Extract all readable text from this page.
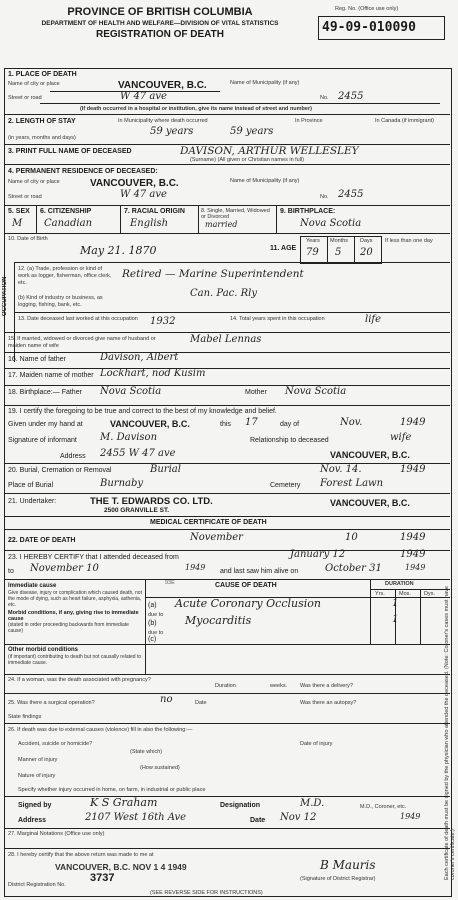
PROVINCE OF BRITISH COLUMBIA
DEPARTMENT OF HEALTH AND WELFARE—DIVISION OF VITAL STATISTICS
REGISTRATION OF DEATH
Reg. No. (Office use only)
49-09-010090
1. PLACE OF DEATH
Name of city or place	VANCOUVER, B.C.	Name of Municipality (if any)
Street or road	W 47 ave	No. 2455
(If death occurred in a hospital or institution, give its name instead of street and number)
2. LENGTH OF STAY
(in years, months and days)
In Municipality where death occurred	In Province	In Canada (if immigrant)
59 years	59 years
3. PRINT FULL NAME OF DECEASED	DAVISON, ARTHUR WELLESLEY
(Surname) (All given or Christian names in full)
4. PERMANENT RESIDENCE OF DECEASED:
Name of city or place	VANCOUVER, B.C.	Name of Municipality (if any)
Street or road	W 47 ave	No. 2455
5. SEX
M
6. CITIZENSHIP
Canadian
7. RACIAL ORIGIN
English
8. Single, Married, Widowed or Divorced
married
9. BIRTHPLACE:
Nova Scotia
10. Date of Birth
May 21. 1870	11. AGE
Years Months Days
79 5 20
If less than one day
OCCUPATION
12. (a) Trade, profession or kind of work as logger, fisherman, office clerk, etc.
Retired — Marine Superintendent
(b) Kind of industry or business, as logging, fishing, bank, etc.
Can. Pac. Rly
13. Date deceased last worked at this occupation 1932	14. Total years spent in this occupation	life
15. If married, widowed or divorced give name of husband or maiden name of wife
Mabel Lennas
16. Name of father	Davison, Albert
17. Maiden name of mother Lockhart, nod Kusim
18. Birthplace:— Father Nova Scotia	Mother Nova Scotia
19. I certify the foregoing to be true and correct to the best of my knowledge and belief.
Given under my hand at	VANCOUVER, B.C.	this 17	day of	Nov.	1949
Signature of informant M. Davison	Relationship to deceased	wife
Address 2455 W 47 ave	VANCOUVER, B.C.
20. Burial, Cremation or Removal	Burial	Nov. 14.	1949
Place of Burial	Burnaby	Cemetery Forest Lawn
21. Undertaker:	THE T. EDWARDS CO. LTD.
2500 GRANVILLE ST.
VANCOUVER, B.C.
MEDICAL CERTIFICATE OF DEATH
22. DATE OF DEATH	November	10	1949
23. I HEREBY CERTIFY that I attended deceased from	January 12	1949
to November 10	1949 and last saw him alive on	October 31	1949
CAUSE OF DEATH	DURATION
Yrs.	Mos. Dys.
93E
Immediate cause
Give disease, injury or complication which caused death, not the mode of dying, such as heart failure, asphyxia, asthenia, etc.
Morbid conditions, if any, giving rise to immediate cause
(stated in order proceeding backwards from immediate cause)
(a) Acute Coronary Occlusion	1
due to
(b)	Myocarditis	1
due to
(c)
Other morbid conditions
(if important) contributing to death but not causally related to immediate cause.
24. If a woman, was the death associated with pregnancy?
Duration	weeks. Was there a delivery?
25. Was there a surgical operation?	no	Date	Was there an autopsy?
State findings
26. If death was due to external causes (violence) fill in also the following:—
Accident, suicide or homicide?	Date of injury
(State which)
Manner of injury
(How sustained)
Nature of injury
Specify whether injury occurred in home, on farm, in industrial or public place
Signed by	K S Graham	Designation	M.D.	M.D., Coroner, etc.
Address	2107 West 16th Ave	Date Nov 12	1949
27. Marginal Notations (Office use only)
28. I hereby certify that the above return was made to me at
VANCOUVER, B.C. NOV 1 4 1949
District Registration No.
3737
B Mauris
(Signature of District Registrar)
(SEE REVERSE SIDE FOR INSTRUCTIONS)
Each certificate of death must be signed by the physician who attended the deceased. (Note: Coroner's cases must have coroner's certificate.)
